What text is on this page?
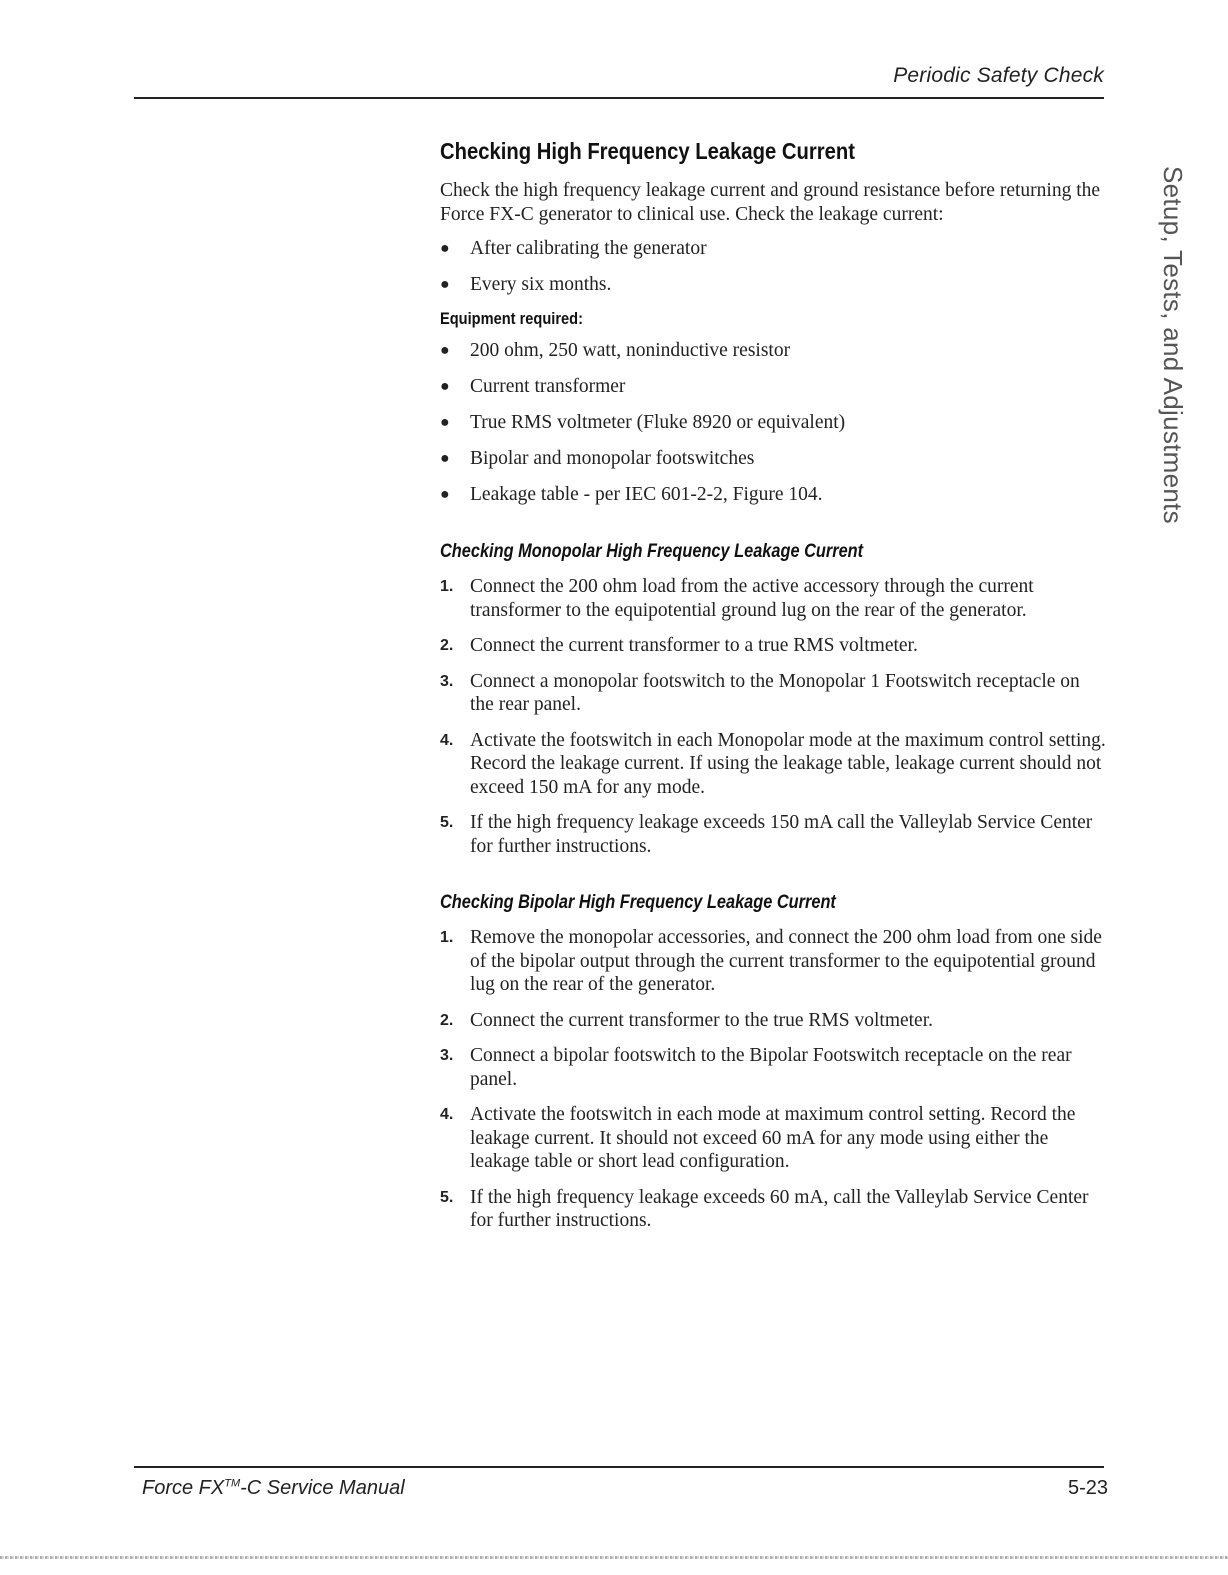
Periodic Safety Check
Setup, Tests, and Adjustments
Checking High Frequency Leakage Current

Check the high frequency leakage current and ground resistance before returning the Force FX-C generator to clinical use. Check the leakage current:

● After calibrating the generator
● Every six months.
Equipment required:
● 200 ohm, 250 watt, noninductive resistor
● Current transformer
● True RMS voltmeter (Fluke 8920 or equivalent)
● Bipolar and monopolar footswitches
● Leakage table - per IEC 601-2-2, Figure 104.
Checking Monopolar High Frequency Leakage Current
1. Connect the 200 ohm load from the active accessory through the current transformer to the equipotential ground lug on the rear of the generator.
2. Connect the current transformer to a true RMS voltmeter.
3. Connect a monopolar footswitch to the Monopolar 1 Footswitch receptacle on the rear panel.
4. Activate the footswitch in each Monopolar mode at the maximum control setting. Record the leakage current. If using the leakage table, leakage current should not exceed 150 mA for any mode.
5. If the high frequency leakage exceeds 150 mA call the Valleylab Service Center for further instructions.
Checking Bipolar High Frequency Leakage Current
1. Remove the monopolar accessories, and connect the 200 ohm load from one side of the bipolar output through the current transformer to the equipotential ground lug on the rear of the generator.
2. Connect the current transformer to the true RMS voltmeter.
3. Connect a bipolar footswitch to the Bipolar Footswitch receptacle on the rear panel.
4. Activate the footswitch in each mode at maximum control setting. Record the leakage current. It should not exceed 60 mA for any mode using either the leakage table or short lead configuration.
5. If the high frequency leakage exceeds 60 mA, call the Valleylab Service Center for further instructions.
Force FX™-C Service Manual	5-23
